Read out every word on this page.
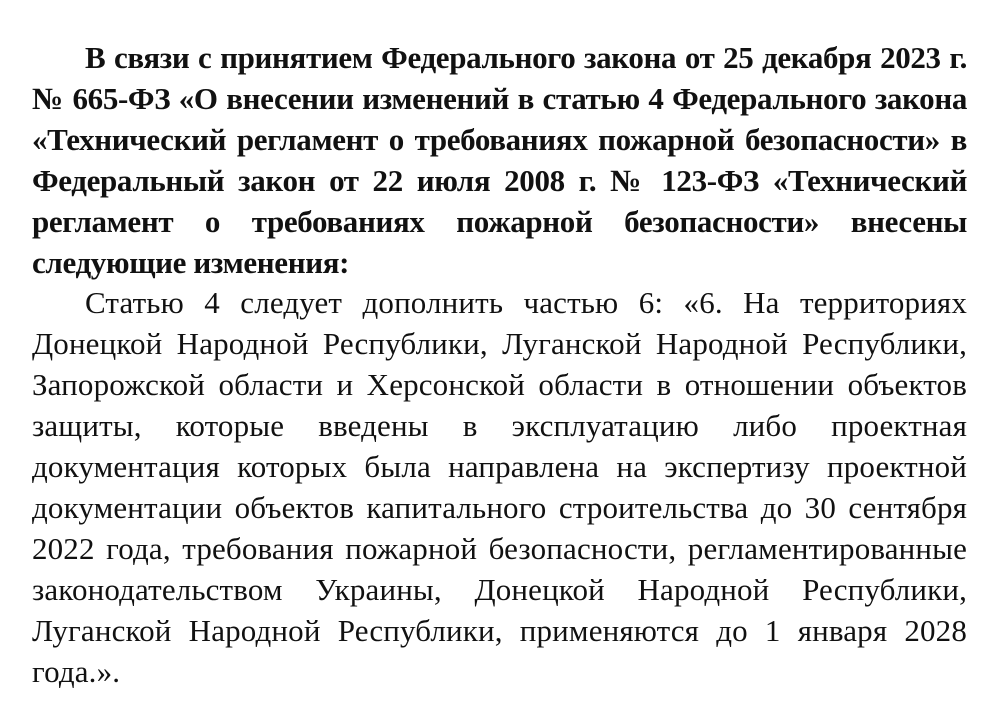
В связи с принятием Федерального закона от 25 декабря 2023 г. № 665-ФЗ «О внесении изменений в статью 4 Федерального закона «Технический регламент о требованиях пожарной безопасности» в Федеральный закон от 22 июля 2008 г. № 123-ФЗ «Технический регламент о требованиях пожарной безопасности» внесены следующие изменения:

Статью 4 следует дополнить частью 6: «6. На территориях Донецкой Народной Республики, Луганской Народной Республики, Запорожской области и Херсонской области в отношении объектов защиты, которые введены в эксплуатацию либо проектная документация которых была направлена на экспертизу проектной документации объектов капитального строительства до 30 сентября 2022 года, требования пожарной безопасности, регламентированные законодательством Украины, Донецкой Народной Республики, Луганской Народной Республики, применяются до 1 января 2028 года.».
